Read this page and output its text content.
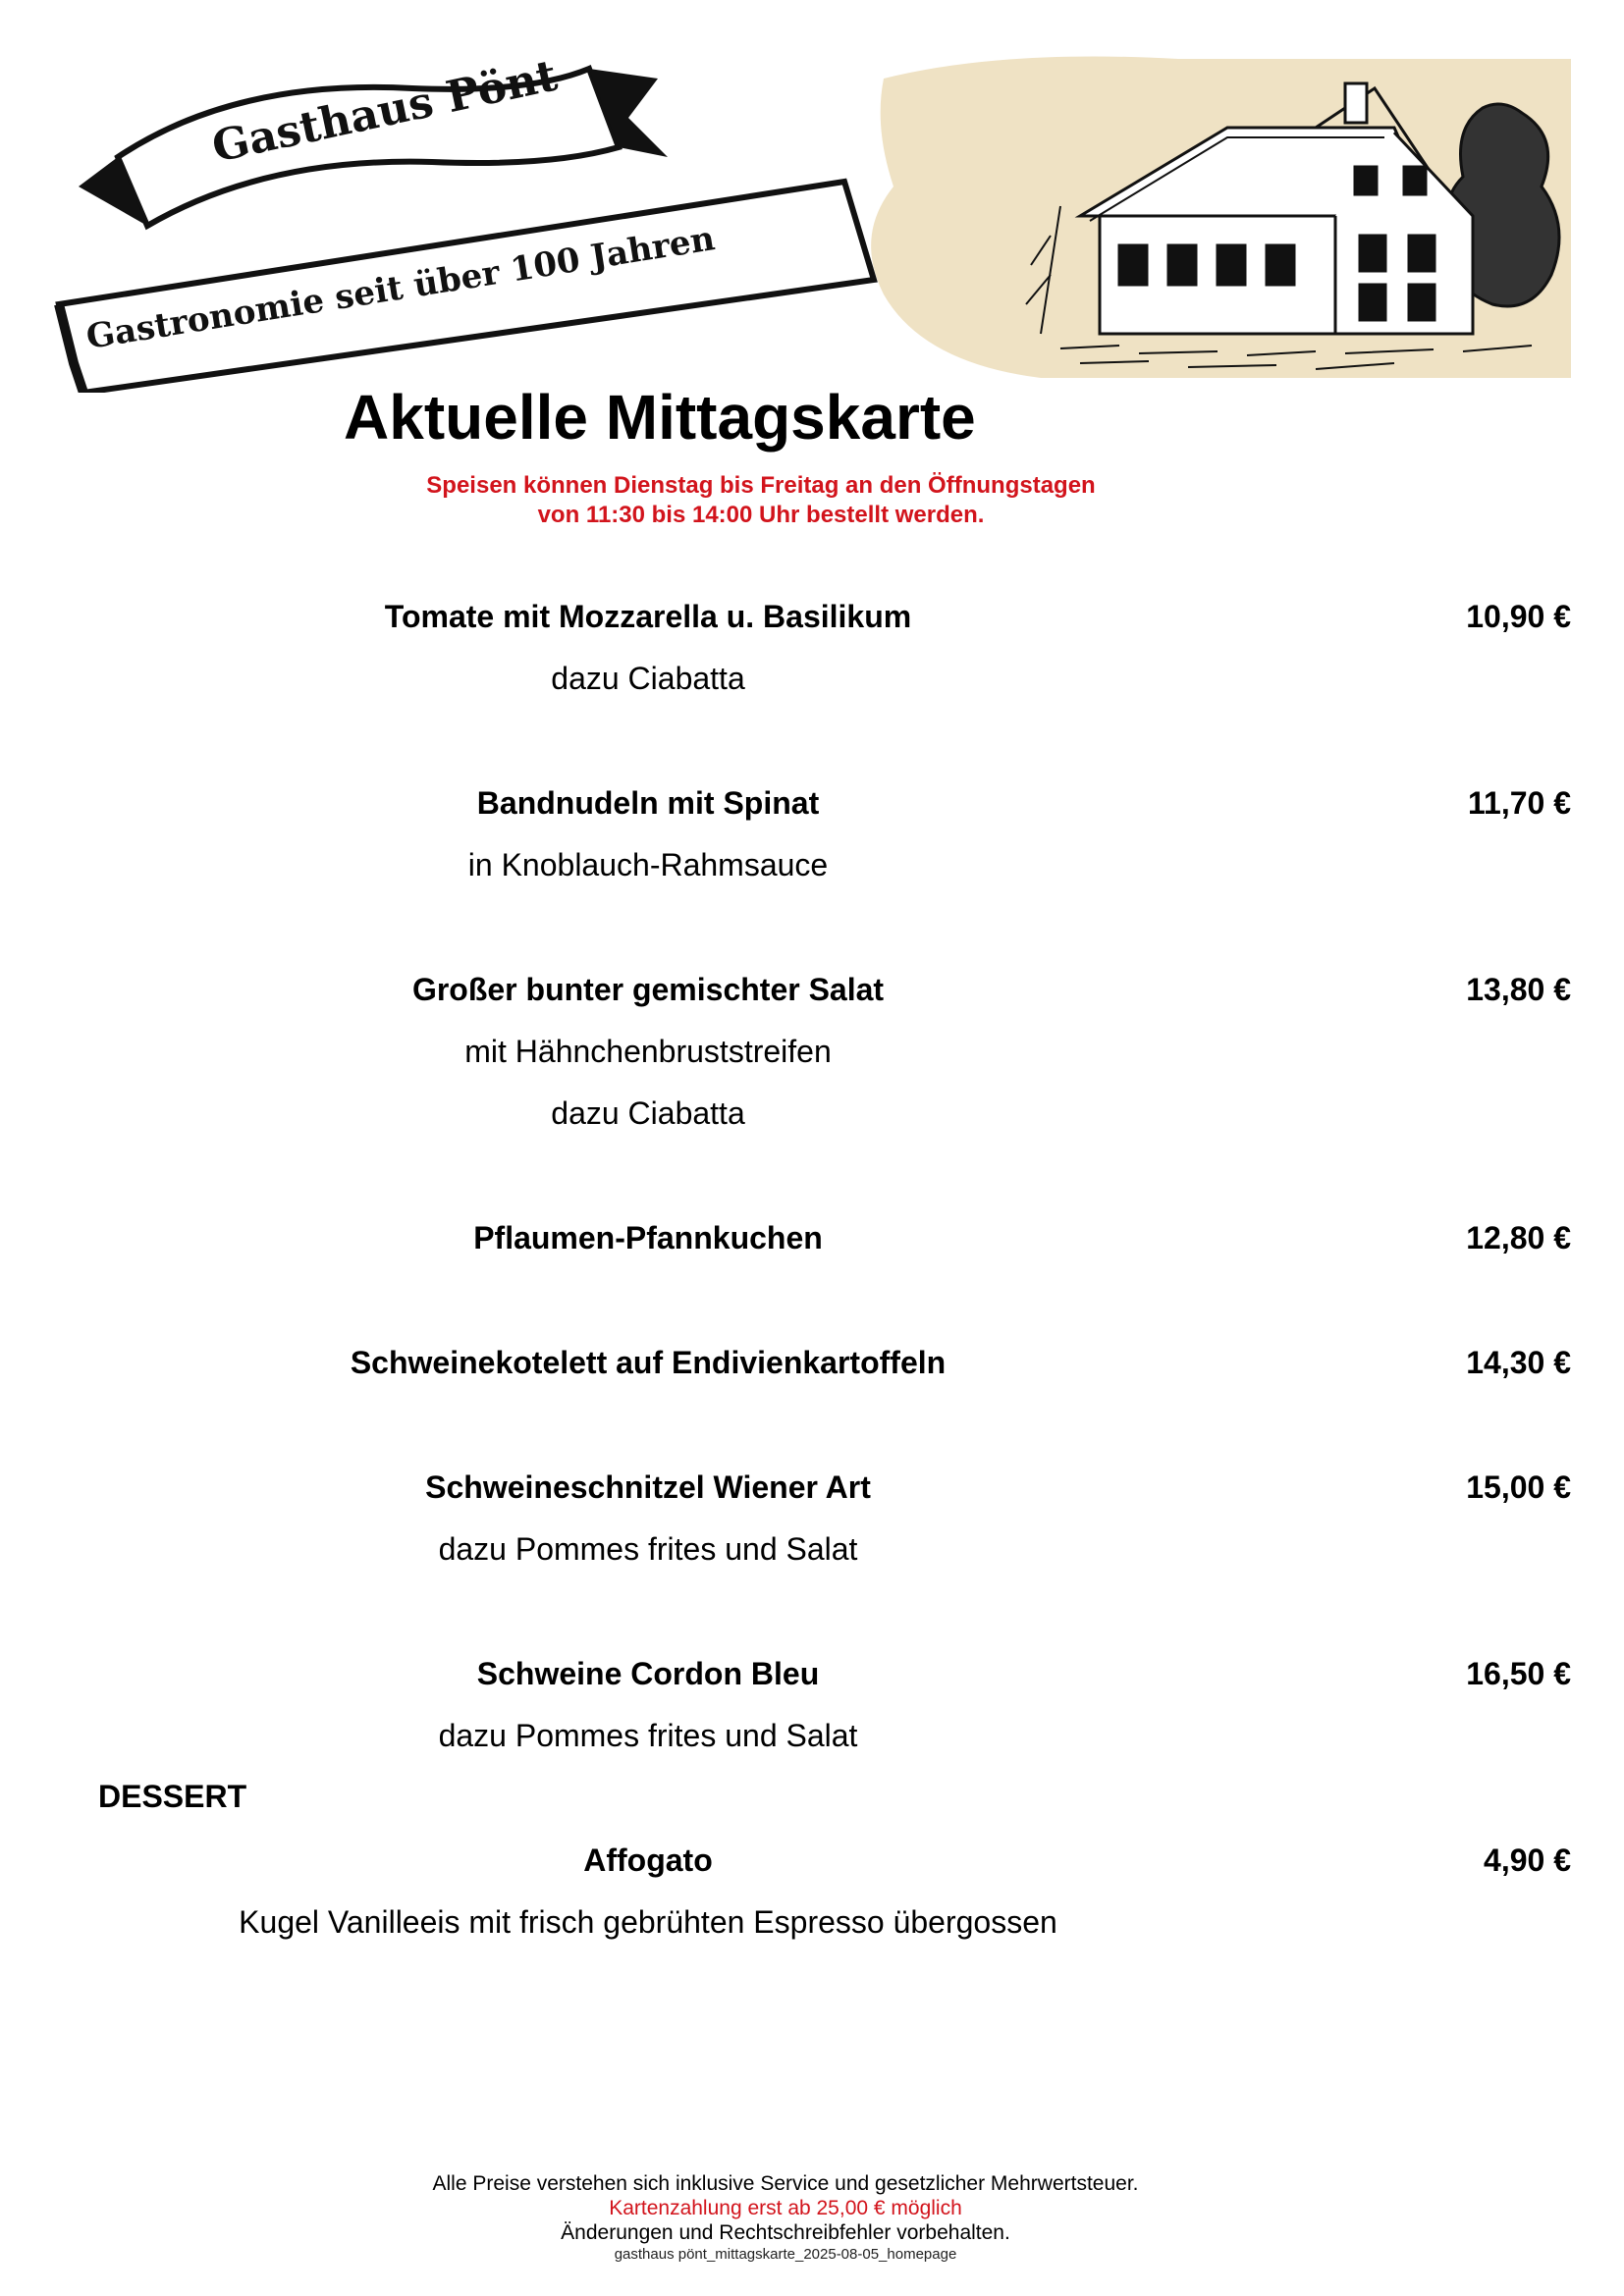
Gasthaus Pönt
Gastronomie seit über 100 Jahren
Aktuelle Mittagskarte
Speisen können Dienstag bis Freitag an den Öffnungstagen
von 11:30 bis 14:00 Uhr bestellt werden.
Tomate mit Mozzarella u. Basilikum	10,90 €
dazu Ciabatta
Bandnudeln mit Spinat	11,70 €
in Knoblauch-Rahmsauce
Großer bunter gemischter Salat	13,80 €
mit Hähnchenbruststreifen
dazu Ciabatta
Pflaumen-Pfannkuchen	12,80 €
Schweinekotelett auf Endivienkartoffeln	14,30 €
Schweineschnitzel Wiener Art	15,00 €
dazu Pommes frites und Salat
Schweine Cordon Bleu	16,50 €
dazu Pommes frites und Salat
DESSERT
Affogato	4,90 €
Kugel Vanilleeis mit frisch gebrühten Espresso übergossen
Alle Preise verstehen sich inklusive Service und gesetzlicher Mehrwertsteuer.
Kartenzahlung erst ab 25,00 € möglich
Änderungen und Rechtschreibfehler vorbehalten.
gasthaus pönt_mittagskarte_2025-08-05_homepage
